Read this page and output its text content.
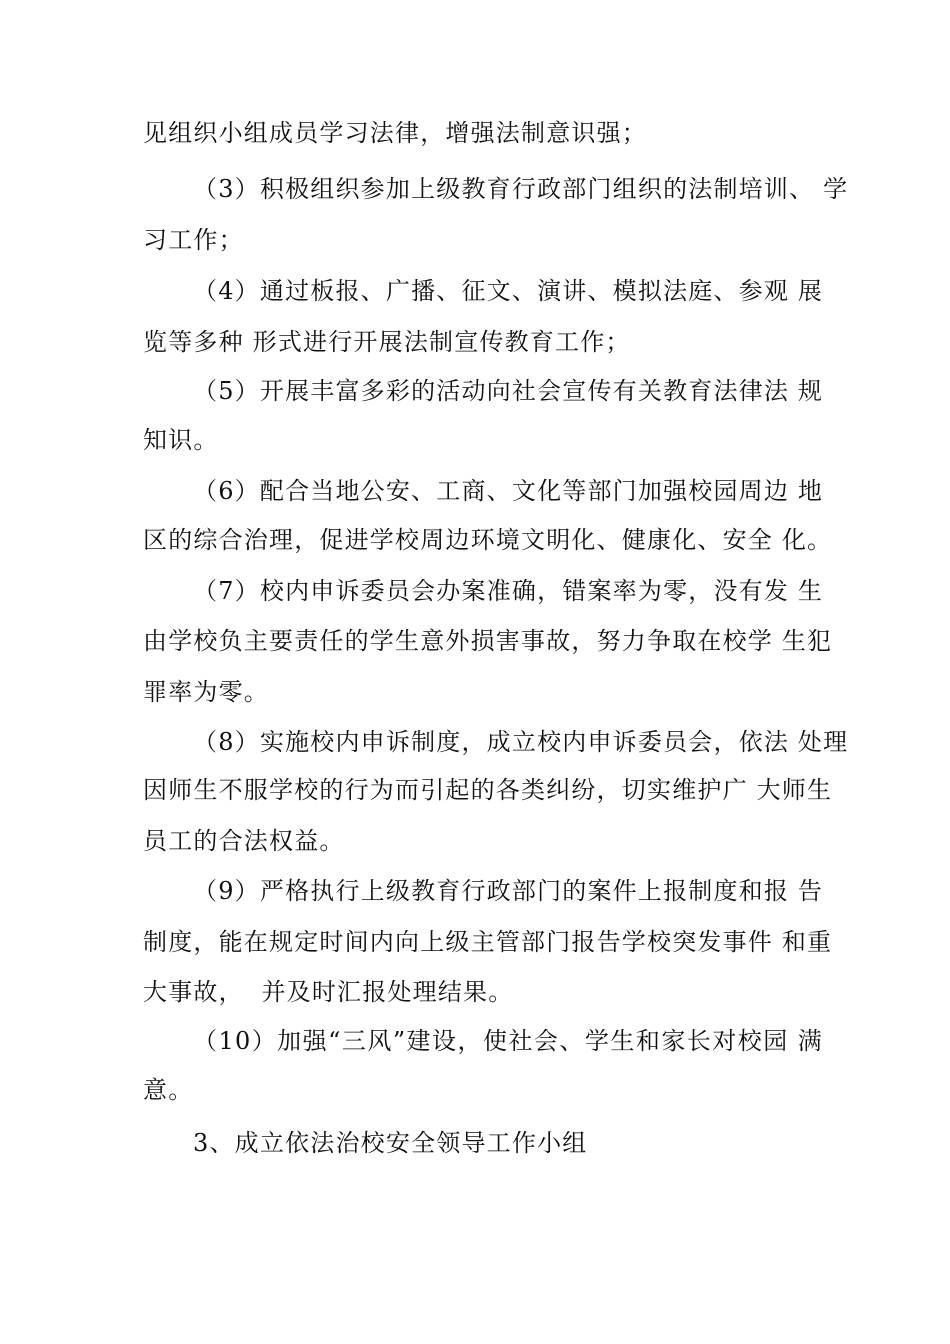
见组织小组成员学习法律，增强法制意识强；
（3）积极组织参加上级教育行政部门组织的法制培训、 学
习工作；
（4）通过板报、广播、征文、演讲、模拟法庭、参观 展
览等多种 形式进行开展法制宣传教育工作；
（5）开展丰富多彩的活动向社会宣传有关教育法律法 规
知识。
（6）配合当地公安、工商、文化等部门加强校园周边 地
区的综合治理，促进学校周边环境文明化、健康化、安全 化。
（7）校内申诉委员会办案准确，错案率为零，没有发 生
由学校负主要责任的学生意外损害事故，努力争取在校学 生犯
罪率为零。
（8）实施校内申诉制度，成立校内申诉委员会，依法 处理
因师生不服学校的行为而引起的各类纠纷，切实维护广 大师生
员工的合法权益。
（9）严格执行上级教育行政部门的案件上报制度和报 告
制度，能在规定时间内向上级主管部门报告学校突发事件 和重
大事故，  并及时汇报处理结果。
（10）加强“三风”建设，使社会、学生和家长对校园 满
意。
3、成立依法治校安全领导工作小组
